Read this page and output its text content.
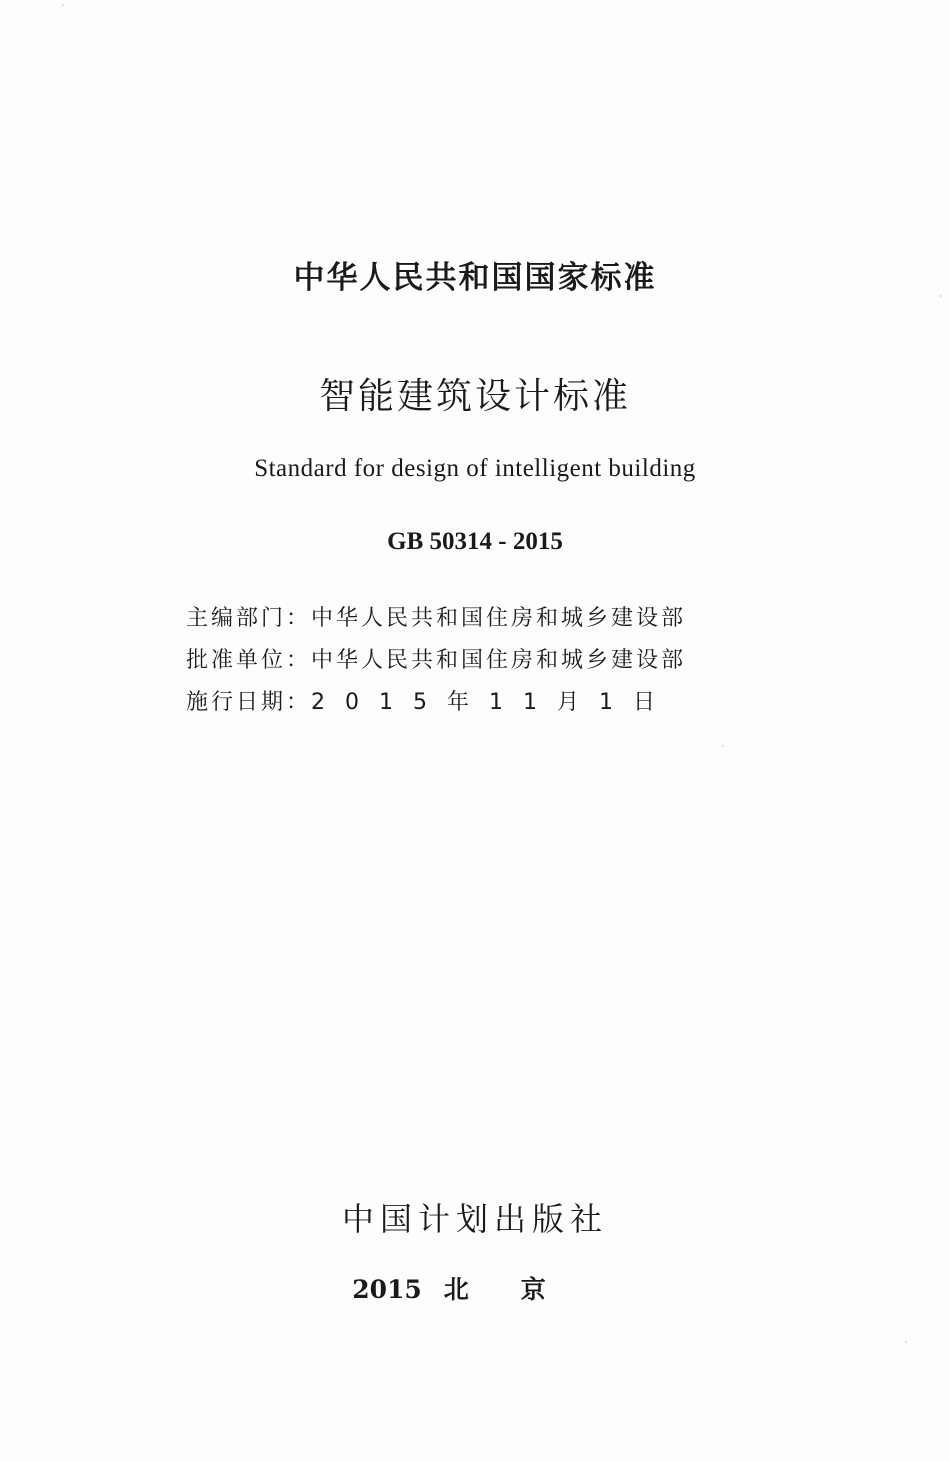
中华人民共和国国家标准
智能建筑设计标准
Standard for design of intelligent building
GB 50314 - 2015
主编部门：中华人民共和国住房和城乡建设部
批准单位：中华人民共和国住房和城乡建设部
施行日期：2015年11月1日
中国计划出版社
2015 北京
